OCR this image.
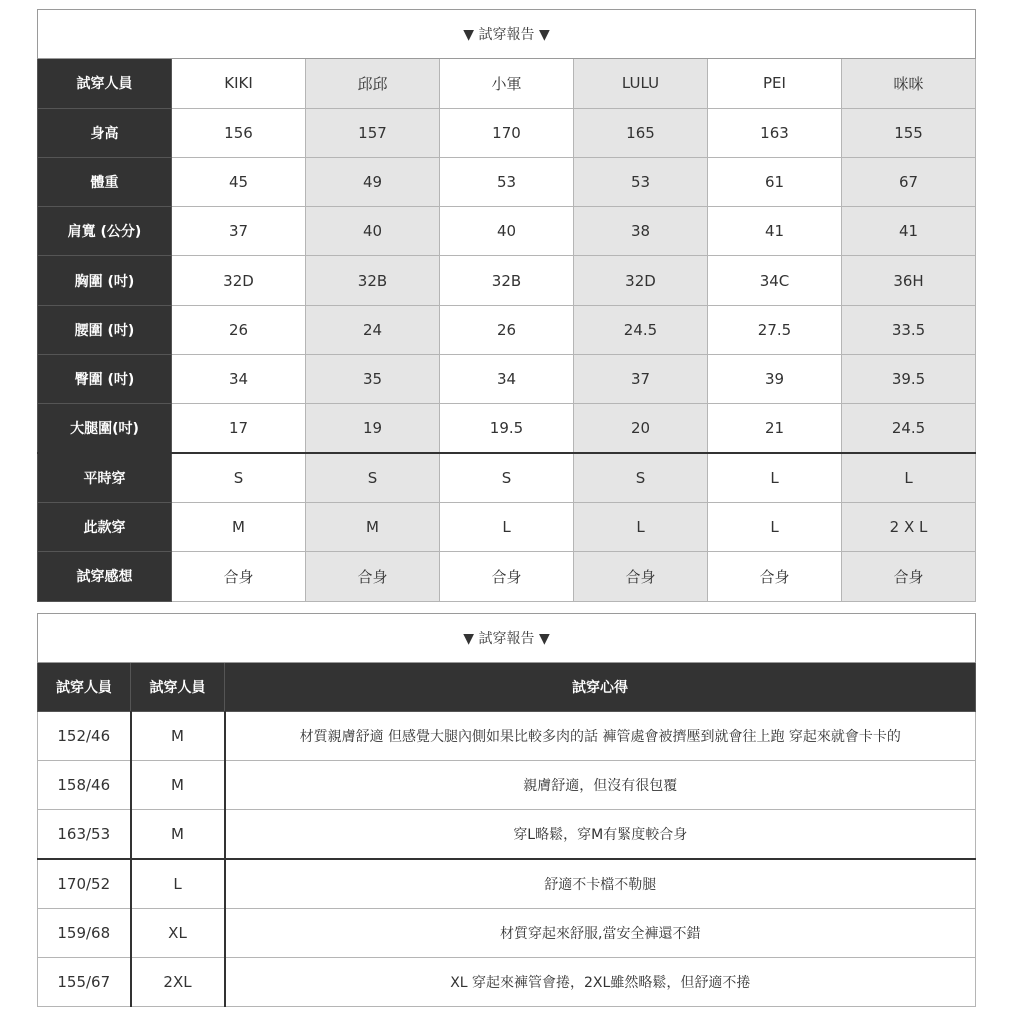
▼ 試穿報告 ▼						
試穿人員	KIKI	邱邱	小軍	LULU	PEI	咪咪
身高	156	157	170	165	163	155
體重	45	49	53	53	61	67
肩寬 (公分)	37	40	40	38	41	41
胸圍 (吋)	32D	32B	32B	32D	34C	36H
腰圍 (吋)	26	24	26	24.5	27.5	33.5
臀圍 (吋)	34	35	34	37	39	39.5
大腿圍(吋)	17	19	19.5	20	21	24.5
平時穿	S	S	S	S	L	L
此款穿	M	M	L	L	L	2 X L
試穿感想	合身	合身	合身	合身	合身	合身
▼ 試穿報告 ▼		
試穿人員	試穿人員	試穿心得
152/46	M	材質親膚舒適 但感覺大腿內側如果比較多肉的話 褲管處會被擠壓到就會往上跑 穿起來就會卡卡的
158/46	M	親膚舒適，但沒有很包覆
163/53	M	穿L略鬆，穿M有緊度較合身
170/52	L	舒適不卡檔不勒腿
159/68	XL	材質穿起來舒服,當安全褲還不錯
155/67	2XL	XL 穿起來褲管會捲，2XL雖然略鬆，但舒適不捲
